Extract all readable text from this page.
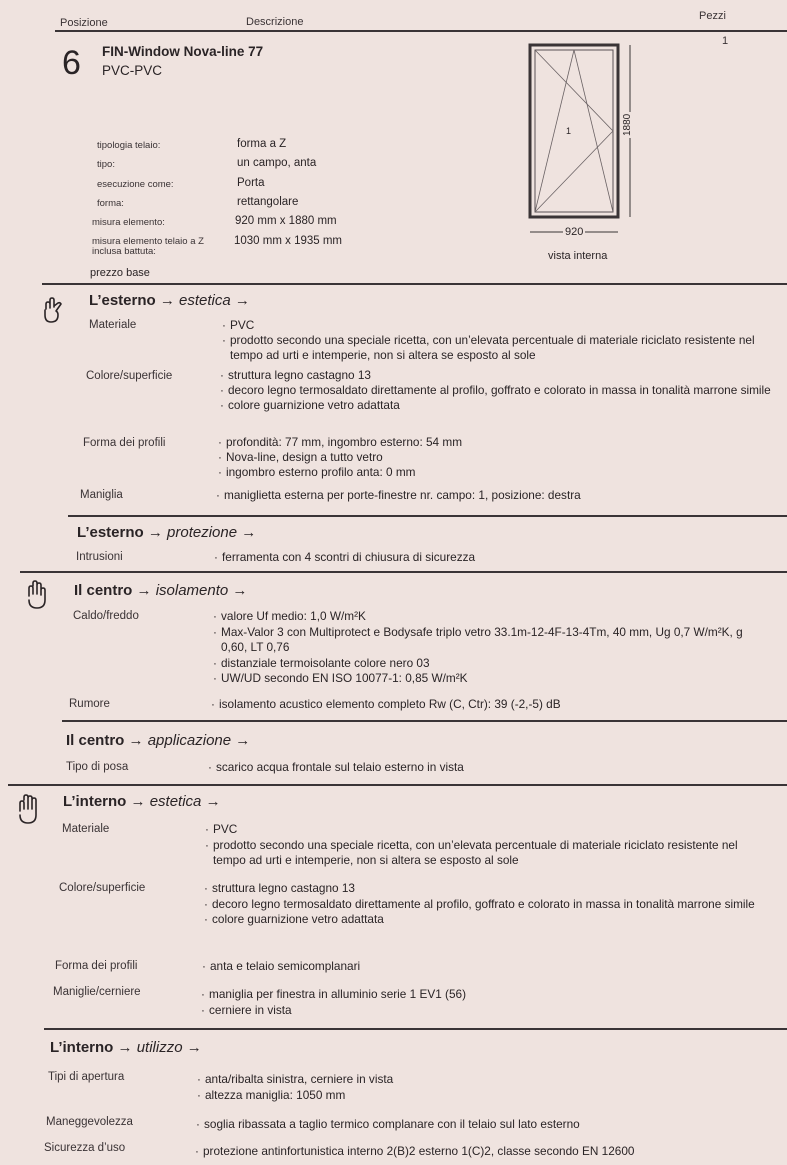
Posizione	Descrizione	Pezzi
1
6 FIN-Window Nova-line 77
PVC-PVC
tipologia telaio:	forma a Z
tipo:	un campo, anta
esecuzione come:	Porta
forma:	rettangolare
misura elemento:	920 mm x 1880 mm
misura elemento telaio a Z inclusa battuta:
1030 mm x 1935 mm
prezzo base
1	1880
920
vista interna
L’esterno → estetica →
Materiale	· PVC
· prodotto secondo una speciale ricetta, con un’elevata percentuale di materiale riciclato resistente nel tempo ad urti e intemperie, non si altera se esposto al sole
Colore/superficie	· struttura legno castagno 13
· decoro legno termosaldato direttamente al profilo, goffrato e colorato in massa in tonalità marrone simile
· colore guarnizione vetro adattata
Forma dei profili	· profondità: 77 mm, ingombro esterno: 54 mm
· Nova-line, design a tutto vetro
· ingombro esterno profilo anta: 0 mm
Maniglia	· maniglietta esterna per porte-finestre nr. campo: 1, posizione: destra
L’esterno → protezione →
Intrusioni	· ferramenta con 4 scontri di chiusura di sicurezza
Il centro → isolamento →
Caldo/freddo	· valore Uf medio: 1,0 W/m²K
· Max-Valor 3 con Multiprotect e Bodysafe triplo vetro 33.1m-12-4F-13-4Tm, 40 mm, Ug 0,7 W/m²K, g 0,60, LT 0,76
· distanziale termoisolante colore nero 03
· UW/UD secondo EN ISO 10077-1: 0,85 W/m²K
Rumore	· isolamento acustico elemento completo Rw (C, Ctr): 39 (-2,-5) dB
Il centro → applicazione →
Tipo di posa	· scarico acqua frontale sul telaio esterno in vista
L’interno → estetica →
Materiale	· PVC
· prodotto secondo una speciale ricetta, con un’elevata percentuale di materiale riciclato resistente nel tempo ad urti e intemperie, non si altera se esposto al sole
Colore/superficie	· struttura legno castagno 13
· decoro legno termosaldato direttamente al profilo, goffrato e colorato in massa in tonalità marrone simile
· colore guarnizione vetro adattata
Forma dei profili	· anta e telaio semicomplanari
Maniglie/cerniere	· maniglia per finestra in alluminio serie 1 EV1 (56)
· cerniere in vista
L’interno → utilizzo →
Tipi di apertura	· anta/ribalta sinistra, cerniere in vista
· altezza maniglia: 1050 mm
Maneggevolezza	· soglia ribassata a taglio termico complanare con il telaio sul lato esterno
Sicurezza d’uso	· protezione antinfortunistica interno 2(B)2 esterno 1(C)2, classe secondo EN 12600
